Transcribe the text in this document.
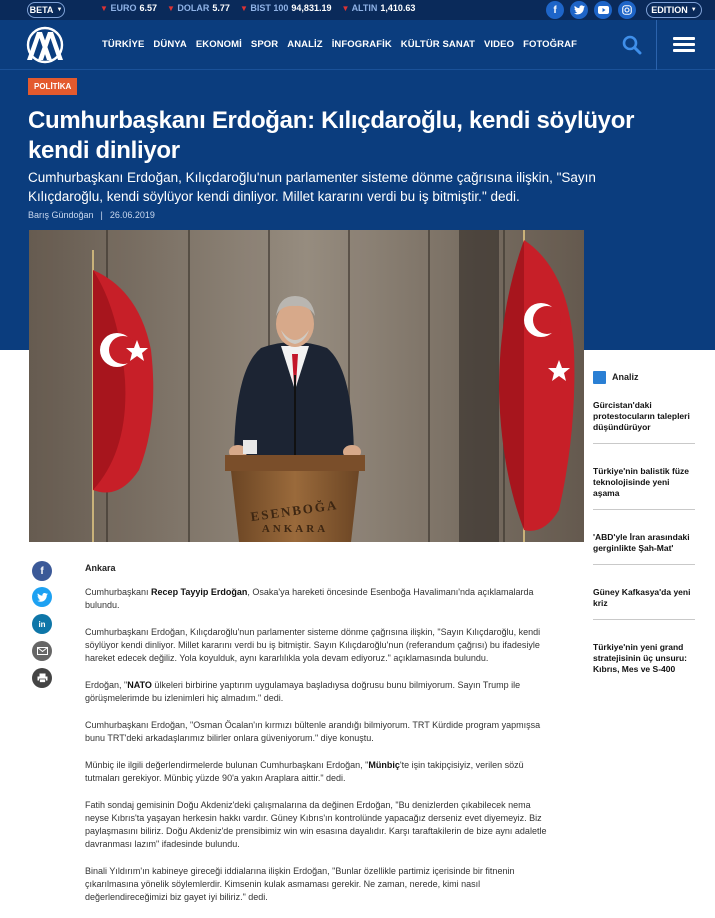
BETA ▼	▼ EURO 6.57 ▼ DOLAR 5.77 ▼ BIST 100 94,831.19 ▼ ALTIN 1,410.63	f	EDITION ▼
TÜRKİYE DÜNYA EKONOMİ SPOR ANALİZ İNFOGRAFİK KÜLTÜR SANAT VIDEO FOTOĞRAF
POLİTİKA
Cumhurbaşkanı Erdoğan: Kılıçdaroğlu, kendi söylüyor kendi dinliyor

Cumhurbaşkanı Erdoğan, Kılıçdaroğlu'nun parlamenter sisteme dönme çağrısına ilişkin, "Sayın Kılıçdaroğlu, kendi söylüyor kendi dinliyor. Millet kararını verdi bu iş bitmiştir." dedi.

Barış Gündoğan | 26.06.2019
ESENBOĞA
ANKARA
Analiz
Gürcistan'daki protestocuların talepleri düşündürüyor
Türkiye'nin balistik füze teknolojisinde yeni aşama
'ABD'yle İran arasındaki gerginlikte Şah-Mat'
Güney Kafkasya'da yeni kriz
Türkiye'nin yeni grand stratejisinin üç unsuru: Kıbrıs, Mes ve S-400
f
in
Ankara

Cumhurbaşkanı Recep Tayyip Erdoğan, Osaka'ya hareketi öncesinde Esenboğa Havalimanı'nda açıklamalarda bulundu.

Cumhurbaşkanı Erdoğan, Kılıçdaroğlu'nun parlamenter sisteme dönme çağrısına ilişkin, "Sayın Kılıçdaroğlu, kendi söylüyor kendi dinliyor. Millet kararını verdi bu iş bitmiştir. Sayın Kılıçdaroğlu'nun (referandum çağrısı) bu ifadesiyle hareket edecek değiliz. Yola koyulduk, aynı kararlılıkla yola devam ediyoruz." açıklamasında bulundu.

Erdoğan, "NATO ülkeleri birbirine yaptırım uygulamaya başladıysa doğrusu bunu bilmiyorum. Sayın Trump ile görüşmelerimde bu izlenimleri hiç almadım." dedi.

Cumhurbaşkanı Erdoğan, "Osman Öcalan'ın kırmızı bültenle arandığı bilmiyorum. TRT Kürdide program yapmışsa bunu TRT'deki arkadaşlarımız bilirler onlara güveniyorum." diye konuştu.

Münbiç ile ilgili değerlendirmelerde bulunan Cumhurbaşkanı Erdoğan, "Münbiç'te işin takipçisiyiz, verilen sözü tutmaları gerekiyor. Münbiç yüzde 90'a yakın Araplara aittir." dedi.

Fatih sondaj gemisinin Doğu Akdeniz'deki çalışmalarına da değinen Erdoğan, "Bu denizlerden çıkabilecek nema neyse Kıbrıs'ta yaşayan herkesin hakkı vardır. Güney Kıbrıs'ın kontrolünde yapacağız derseniz evet diyemeyiz. Biz paylaşmasını biliriz. Doğu Akdeniz'de prensibimiz win win esasına dayalıdır. Karşı taraftakilerin de bize aynı adaletle davranması lazım" ifadesinde bulundu.

Binali Yıldırım'ın kabineye gireceği iddialarına ilişkin Erdoğan, "Bunlar özellikle partimiz içerisinde bir fitnenin çıkarılmasına yönelik söylemlerdir. Kimsenin kulak asmaması gerekir. Ne zaman, nerede, kimi nasıl değerlendireceğimizi biz gayet iyi biliriz." dedi.
